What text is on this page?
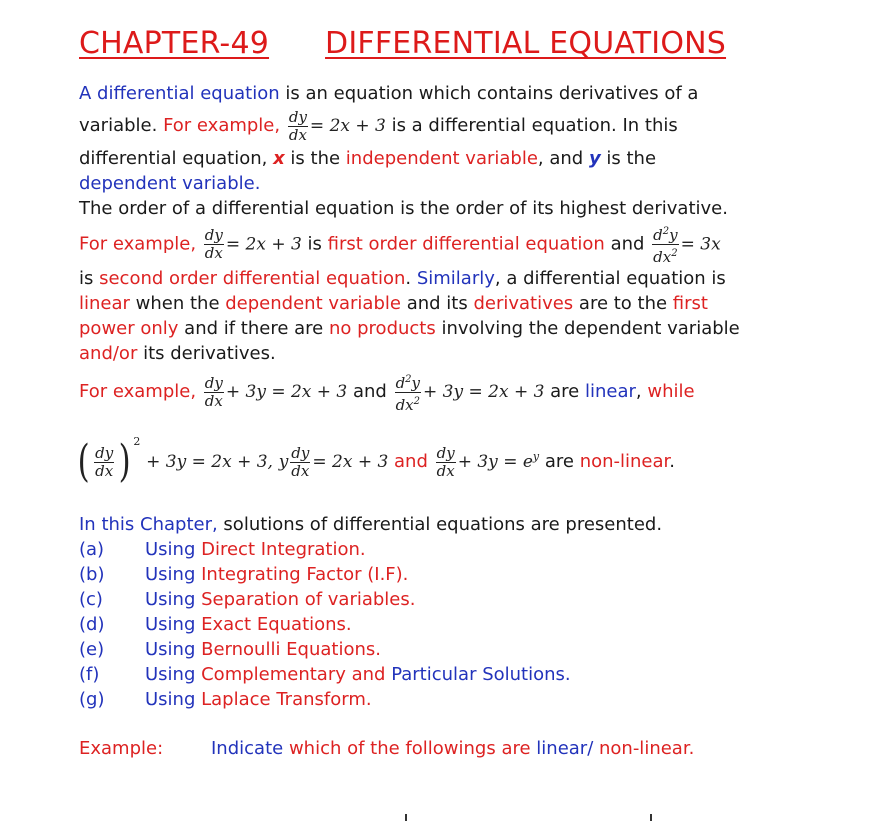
CHAPTER-49 DIFFERENTIAL EQUATIONS

A differential equation is an equation which contains derivatives of a

variable. For example, $\frac{dy}{dx} = 2x + 3$ is a differential equation. In this

differential equation, x is the independent variable, and y is the

dependent variable.

The order of a differential equation is the order of its highest derivative.

For example, $\frac{dy}{dx} = 2x + 3$ is first order differential equation and $\frac{d^2y}{dx^2} = 3x$

is second order differential equation. Similarly, a differential equation is

linear when the dependent variable and its derivatives are to the first

power only and if there are no products involving the dependent variable

and/or its derivatives.

For example, $\frac{dy}{dx} + 3y = 2x + 3$ and $\frac{d^2y}{dx^2} + 3y = 2x + 3$ are linear, while

( $\frac{dy}{dx}$ ) $^2$ + 3y = 2x + 3, y $\frac{dy}{dx} = 2x + 3$ and $\frac{dy}{dx} + 3y = e^y$ are non-linear.

In this Chapter, solutions of differential equations are presented.

(a) Using Direct Integration.
(b) Using Integrating Factor (I.F).
(c) Using Separation of variables.
(d) Using Exact Equations.
(e) Using Bernoulli Equations.
(f)	Using Complementary and Particular Solutions.
(g) Using Laplace Transform.

Example:	Indicate which of the followings are linear/ non-linear.
